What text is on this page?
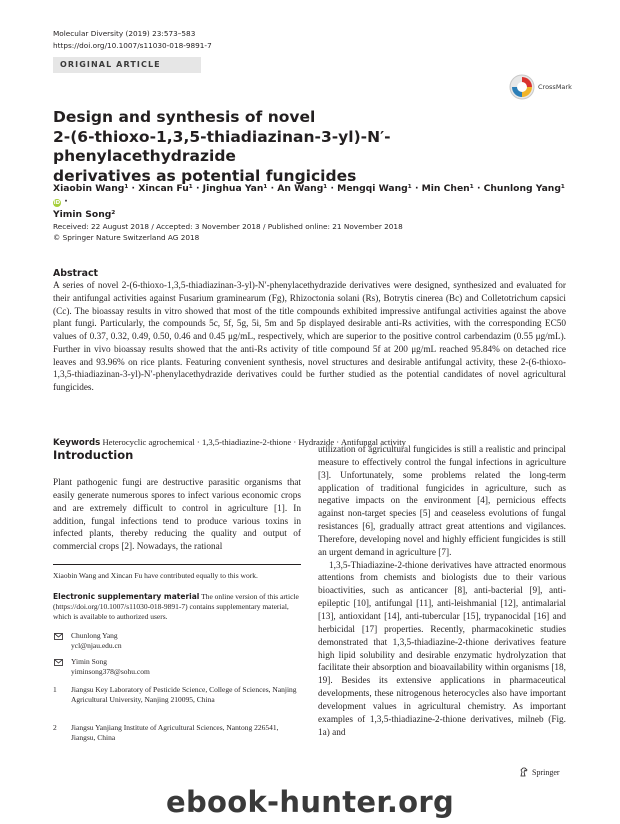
Molecular Diversity (2019) 23:573–583
https://doi.org/10.1007/s11030-018-9891-7
ORIGINAL ARTICLE
CrossMark
Design and synthesis of novel
2-(6-thioxo-1,3,5-thiadiazinan-3-yl)-N′-phenylacethydrazide
derivatives as potential fungicides
Xiaobin Wang¹ · Xincan Fu¹ · Jinghua Yan¹ · An Wang¹ · Mengqi Wang¹ · Min Chen¹ · Chunlong Yang¹ iD ·
Yimin Song²
Received: 22 August 2018 / Accepted: 3 November 2018 / Published online: 21 November 2018
© Springer Nature Switzerland AG 2018
Abstract

A series of novel 2-(6-thioxo-1,3,5-thiadiazinan-3-yl)-N′-phenylacethydrazide derivatives were designed, synthesized and evaluated for their antifungal activities against Fusarium graminearum (Fg), Rhizoctonia solani (Rs), Botrytis cinerea (Bc) and Colletotrichum capsici (Cc). The bioassay results in vitro showed that most of the title compounds exhibited impressive antifungal activities against the above plant fungi. Particularly, the compounds 5c, 5f, 5g, 5i, 5m and 5p displayed desirable anti-Rs activities, with the corresponding EC50 values of 0.37, 0.32, 0.49, 0.50, 0.46 and 0.45 μg/mL, respectively, which are superior to the positive control carbendazim (0.55 μg/mL). Further in vivo bioassay results showed that the anti-Rs activity of title compound 5f at 200 μg/mL reached 95.84% on detached rice leaves and 93.96% on rice plants. Featuring convenient synthesis, novel structures and desirable antifungal activity, these 2-(6-thioxo-1,3,5-thiadiazinan-3-yl)-N′-phenylacethydrazide derivatives could be further studied as the potential candidates of novel agricultural fungicides.

Keywords Heterocyclic agrochemical · 1,3,5-thiadiazine-2-thione · Hydrazide · Antifungal activity
Introduction

Plant pathogenic fungi are destructive parasitic organisms that easily generate numerous spores to infect various economic crops and are extremely difficult to control in agriculture [1]. In addition, fungal infections tend to produce various toxins in infected plants, thereby reducing the quality and output of commercial crops [2]. Nowadays, the rational

utilization of agricultural fungicides is still a realistic and principal measure to effectively control the fungal infections in agriculture [3]. Unfortunately, some problems related the long-term application of traditional fungicides in agriculture, such as negative impacts on the environment [4], pernicious effects against non-target species [5] and ceaseless evolutions of fungal resistances [6], gradually attract great attentions and vigilances. Therefore, developing novel and highly efficient fungicides is still an urgent demand in agriculture [7].

1,3,5-Thiadiazine-2-thione derivatives have attracted enormous attentions from chemists and biologists due to their various bioactivities, such as anticancer [8], anti-bacterial [9], anti-epileptic [10], antifungal [11], anti-leishmanial [12], antimalarial [13], antioxidant [14], anti-tubercular [15], trypanocidal [16] and herbicidal [17] properties. Recently, pharmacokinetic studies demonstrated that 1,3,5-thiadiazine-2-thione derivatives feature high lipid solubility and desirable enzymatic hydrolyzation that facilitate their absorption and bioavailability within organisms [18, 19]. Besides its extensive applications in pharmaceutical developments, these nitrogenous heterocycles also have important development values in agricultural chemistry. As important examples of 1,3,5-thiadiazine-2-thione derivatives, milneb (Fig. 1a) and

Xiaobin Wang and Xincan Fu have contributed equally to this work.
Electronic supplementary material The online version of this article (https://doi.org/10.1007/s11030-018-9891-7) contains supplementary material, which is available to authorized users.
Chunlong Yang
ycl@njau.edu.cn
Yimin Song
yiminsong378@sohu.com
1 Jiangsu Key Laboratory of Pesticide Science, College of Sciences, Nanjing Agricultural University, Nanjing 210095, China
2 Jiangsu Yanjiang Institute of Agricultural Sciences, Nantong 226541, Jiangsu, China
Springer
ebook-hunter.org
